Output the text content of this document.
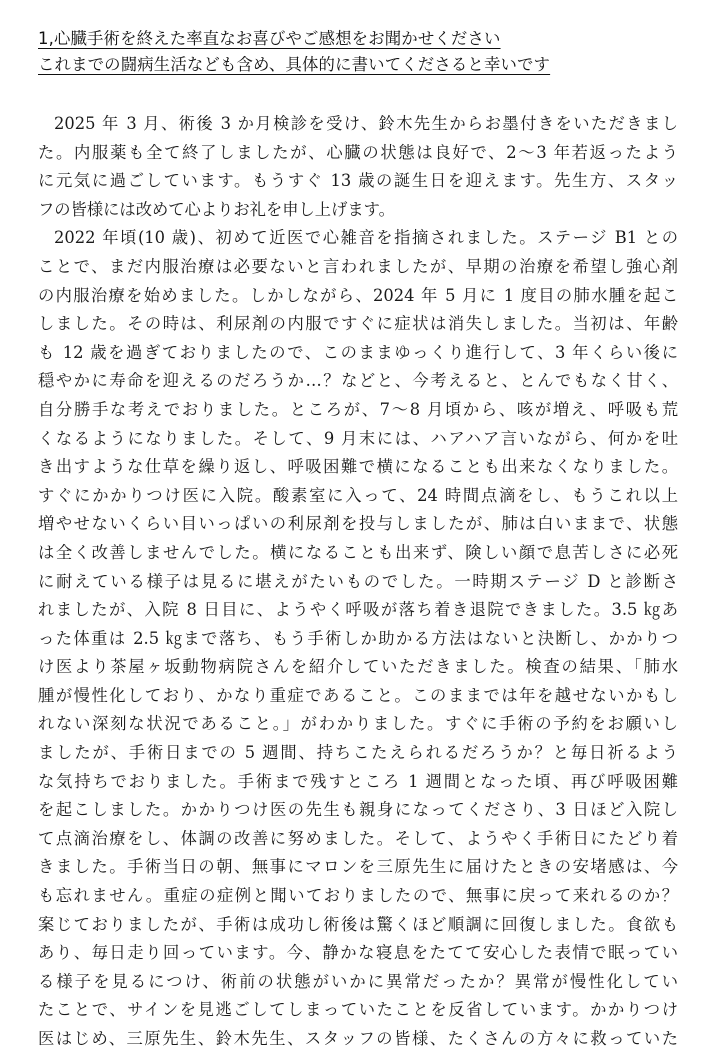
1,心臓手術を終えた率直なお喜びやご感想をお聞かせください
これまでの闘病生活なども含め、具体的に書いてくださると幸いです
2025 年 3 月、術後 3 か月検診を受け、鈴木先生からお墨付きをいただきまし
た。内服薬も全て終了しましたが、心臓の状態は良好で、2〜3 年若返ったよう
に元気に過ごしています。もうすぐ 13 歳の誕生日を迎えます。先生方、スタッ
フの皆様には改めて心よりお礼を申し上げます。
2022 年頃(10 歳)、初めて近医で心雑音を指摘されました。ステージ B1 との
ことで、まだ内服治療は必要ないと言われましたが、早期の治療を希望し強心剤
の内服治療を始めました。しかしながら、2024 年 5 月に 1 度目の肺水腫を起こ
しました。その時は、利尿剤の内服ですぐに症状は消失しました。当初は、年齢
も 12 歳を過ぎておりましたので、このままゆっくり進行して、3 年くらい後に
穏やかに寿命を迎えるのだろうか…？などと、今考えると、とんでもなく甘く、
自分勝手な考えでおりました。ところが、7〜8 月頃から、咳が増え、呼吸も荒
くなるようになりました。そして、9 月末には、ハアハア言いながら、何かを吐
き出すような仕草を繰り返し、呼吸困難で横になることも出来なくなりました。
すぐにかかりつけ医に入院。酸素室に入って、24 時間点滴をし、もうこれ以上
増やせないくらい目いっぱいの利尿剤を投与しましたが、肺は白いままで、状態
は全く改善しませんでした。横になることも出来ず、険しい顔で息苦しさに必死
に耐えている様子は見るに堪えがたいものでした。一時期ステージ D と診断さ
れましたが、入院 8 日目に、ようやく呼吸が落ち着き退院できました。3.5 ㎏あ
った体重は 2.5 ㎏まで落ち、もう手術しか助かる方法はないと決断し、かかりつ
け医より茶屋ヶ坂動物病院さんを紹介していただきました。検査の結果、「肺水
腫が慢性化しており、かなり重症であること。このままでは年を越せないかもし
れない深刻な状況であること。」がわかりました。すぐに手術の予約をお願いし
ましたが、手術日までの 5 週間、持ちこたえられるだろうか？と毎日祈るよう
な気持ちでおりました。手術まで残すところ 1 週間となった頃、再び呼吸困難
を起こしました。かかりつけ医の先生も親身になってくださり、3 日ほど入院し
て点滴治療をし、体調の改善に努めました。そして、ようやく手術日にたどり着
きました。手術当日の朝、無事にマロンを三原先生に届けたときの安堵感は、今
も忘れません。重症の症例と聞いておりましたので、無事に戻って来れるのか？
案じておりましたが、手術は成功し術後は驚くほど順調に回復しました。食欲も
あり、毎日走り回っています。今、静かな寝息をたてて安心した表情で眠ってい
る様子を見るにつけ、術前の状態がいかに異常だったか？異常が慢性化してい
たことで、サインを見逃ごしてしまっていたことを反省しています。かかりつけ
医はじめ、三原先生、鈴木先生、スタッフの皆様、たくさんの方々に救っていた
